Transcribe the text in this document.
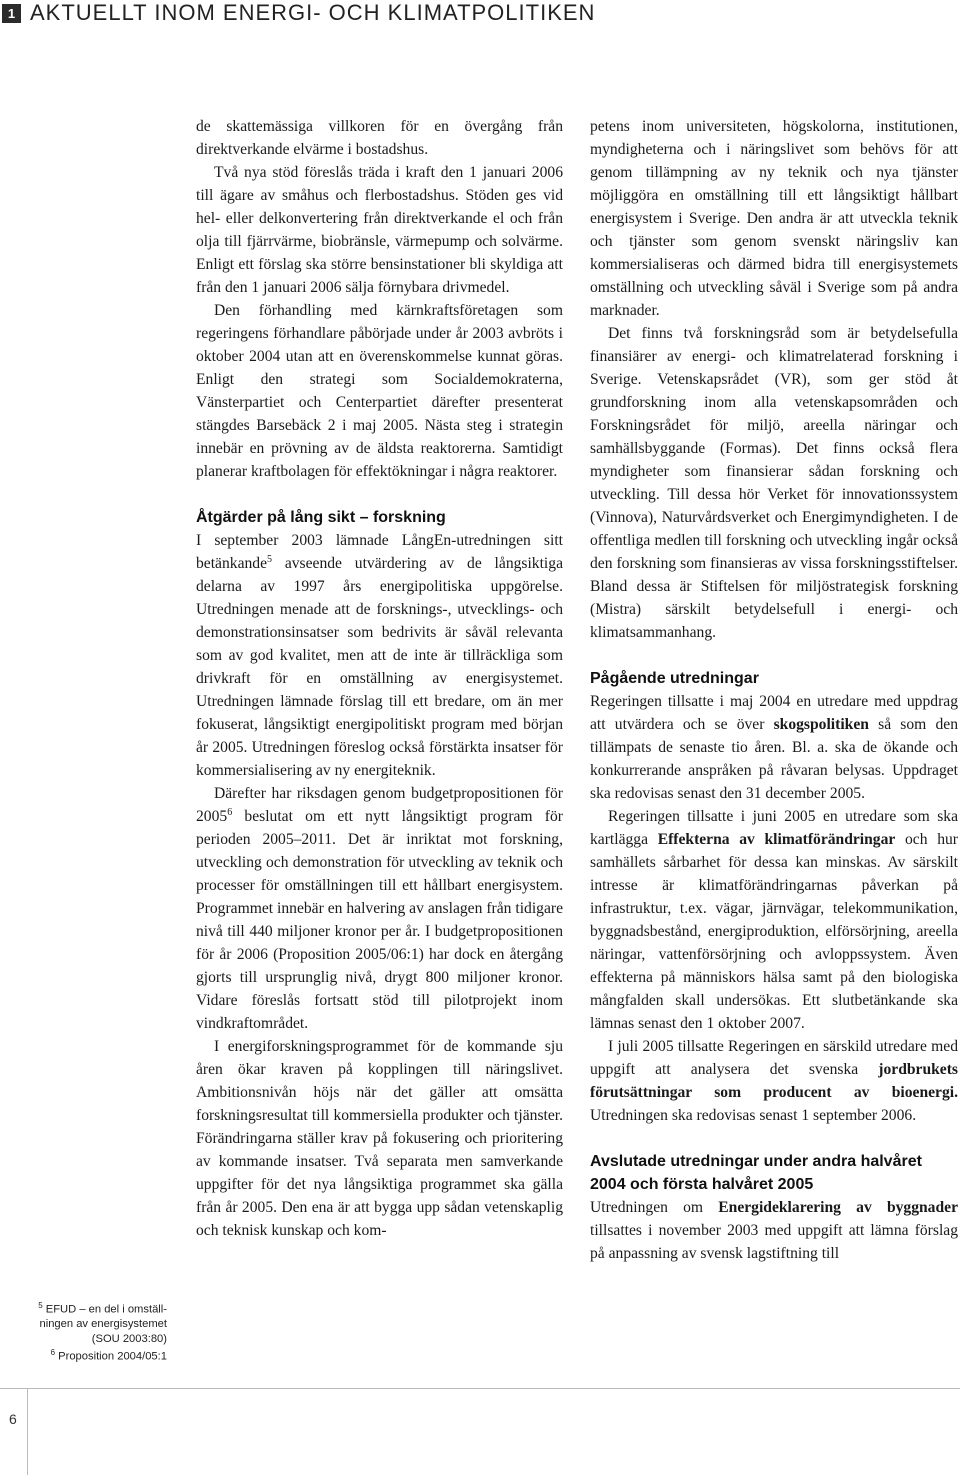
1 AKTUELLT INOM ENERGI- OCH KLIMATPOLITIKEN
$^5$ EFUD – en del i omställ-
ningen av energisystemet
(SOU 2003:80)
$^6$ Proposition 2004/05:1

de skattemässiga villkoren för en övergång från direktverkande elvärme i bostadshus.

Två nya stöd föreslås träda i kraft den 1 januari 2006 till ägare av småhus och flerbostadshus. Stöden ges vid hel- eller delkonvertering från direktverkande el och från olja till fjärrvärme, biobränsle, värmepump och solvärme. Enligt ett förslag ska större bensinstationer bli skyldiga att från den 1 januari 2006 sälja förnybara drivmedel.

Den förhandling med kärnkraftsföretagen som regeringens förhandlare påbörjade under år 2003 avbröts i oktober 2004 utan att en överenskommelse kunnat göras. Enligt den strategi som Socialdemokraterna, Vänsterpartiet och Centerpartiet därefter presenterat stängdes Barsebäck 2 i maj 2005. Nästa steg i strategin innebär en prövning av de äldsta reaktorerna. Samtidigt planerar kraftbolagen för effektökningar i några reaktorer.

Åtgärder på lång sikt – forskning

I september 2003 lämnade LångEn-utredningen sitt betänkande$^5$ avseende utvärdering av de långsiktiga delarna av 1997 års energipolitiska uppgörelse. Utredningen menade att de forsknings-, utvecklings- och demonstrationsinsatser som bedrivits är såväl relevanta som av god kvalitet, men att de inte är tillräckliga som drivkraft för en omställning av energisystemet. Utredningen lämnade förslag till ett bredare, om än mer fokuserat, långsiktigt energipolitiskt program med början år 2005. Utredningen föreslog också förstärkta insatser för kommersialisering av ny energiteknik.

Därefter har riksdagen genom budgetpropositionen för 2005$^6$ beslutat om ett nytt långsiktigt program för perioden 2005–2011. Det är inriktat mot forskning, utveckling och demonstration för utveckling av teknik och processer för omställningen till ett hållbart energisystem. Programmet innebär en halvering av anslagen från tidigare nivå till 440 miljoner kronor per år. I budgetpropositionen för år 2006 (Proposition 2005/06:1) har dock en återgång gjorts till ursprunglig nivå, drygt 800 miljoner kronor. Vidare föreslås fortsatt stöd till pilotprojekt inom vindkraftområdet.

I energiforskningsprogrammet för de kommande sju åren ökar kraven på kopplingen till näringslivet. Ambitionsnivån höjs när det gäller att omsätta forskningsresultat till kommersiella produkter och tjänster. Förändringarna ställer krav på fokusering och prioritering av kommande insatser. Två separata men samverkande uppgifter för det nya långsiktiga programmet ska gälla från år 2005. Den ena är att bygga upp sådan vetenskaplig och teknisk kunskap och kom-

petens inom universiteten, högskolorna, institutionen, myndigheterna och i näringslivet som behövs för att genom tillämpning av ny teknik och nya tjänster möjliggöra en omställning till ett långsiktigt hållbart energisystem i Sverige. Den andra är att utveckla teknik och tjänster som genom svenskt näringsliv kan kommersialiseras och därmed bidra till energisystemets omställning och utveckling såväl i Sverige som på andra marknader.

Det finns två forskningsråd som är betydelsefulla finansiärer av energi- och klimatrelaterad forskning i Sverige. Vetenskapsrådet (VR), som ger stöd åt grundforskning inom alla vetenskapsområden och Forskningsrådet för miljö, areella näringar och samhällsbyggande (Formas). Det finns också flera myndigheter som finansierar sådan forskning och utveckling. Till dessa hör Verket för innovationssystem (Vinnova), Naturvårdsverket och Energimyndigheten. I de offentliga medlen till forskning och utveckling ingår också den forskning som finansieras av vissa forskningsstiftelser. Bland dessa är Stiftelsen för miljöstrategisk forskning (Mistra) särskilt betydelsefull i energi- och klimatsammanhang.

Pågående utredningar

Regeringen tillsatte i maj 2004 en utredare med uppdrag att utvärdera och se över skogspolitiken så som den tillämpats de senaste tio åren. Bl. a. ska de ökande och konkurrerande anspråken på råvaran belysas. Uppdraget ska redovisas senast den 31 december 2005.

Regeringen tillsatte i juni 2005 en utredare som ska kartlägga Effekterna av klimatförändringar och hur samhällets sårbarhet för dessa kan minskas. Av särskilt intresse är klimatförändringarnas påverkan på infrastruktur, t.ex. vägar, järnvägar, telekommunikation, byggnadsbestånd, energiproduktion, elförsörjning, areella näringar, vattenförsörjning och avloppssystem. Även effekterna på människors hälsa samt på den biologiska mångfalden skall undersökas. Ett slutbetänkande ska lämnas senast den 1 oktober 2007.

I juli 2005 tillsatte Regeringen en särskild utredare med uppgift att analysera det svenska jordbrukets förutsättningar som producent av bioenergi. Utredningen ska redovisas senast 1 september 2006.

Avslutade utredningar under andra halvåret 2004 och första halvåret 2005

Utredningen om Energideklarering av byggnader tillsattes i november 2003 med uppgift att lämna förslag på anpassning av svensk lagstiftning till

6
